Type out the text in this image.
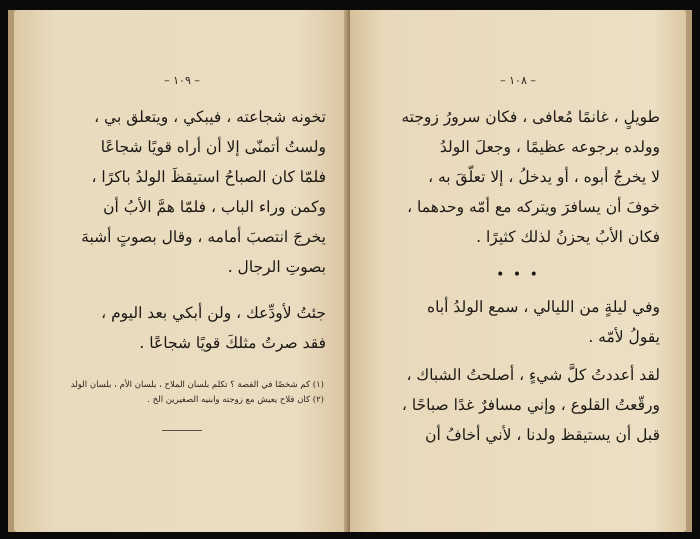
– ١٠٩ –
تخونه شجاعته ، فيبكي ، ويتعلق بي ،
ولستُ أتمنّى إلا أن أراه قويًا شجاعًا
فلمّا كان الصباحُ استيقظَ الولدُ باكرًا ،
وكمن وراء الباب ، فلمّا همَّ الأبُ أن
يخرجَ انتصبَ أمامه ، وقال بصوتٍ أشبهَ
بصوتِ الرجال .
جئتُ لأودِّعك ، ولن أبكي بعد اليوم ،
فقد صرتُ مثلكَ قويًا شجاعًا .
(١) كم شخصًا في القصة ؟ تكلم بلسان الملاح ، بلسان الأم ، بلسان الولد
(٢) كان فلاح يعيش مع زوجته وابنيه الصغيرين الخ .
– ١٠٨ –
طويلٍ ، غانمًا مُعافى ، فكان سرورُ زوجته
وولده برجوعه عظيمًا ، وجعلَ الولدُ
لا يخرجُ أبوه ، أو يدخلُ ، إلا تعلّقَ به ،
خوفَ أن يسافرَ ويتركه مع أمّه وحدهما ،
فكان الأبُ يحزنُ لذلك كثيرًا .
• • •
وفي ليلةٍ من الليالي ، سمع الولدُ أباه
يقولُ لأمّه .
لقد أعددتُ كلَّ شيءٍ ، أصلحتُ الشباك ،
ورقّعتُ القلوع ، وإني مسافرٌ غدًا صباحًا ،
قبل أن يستيقظ ولدنا ، لأني أخافُ أن
